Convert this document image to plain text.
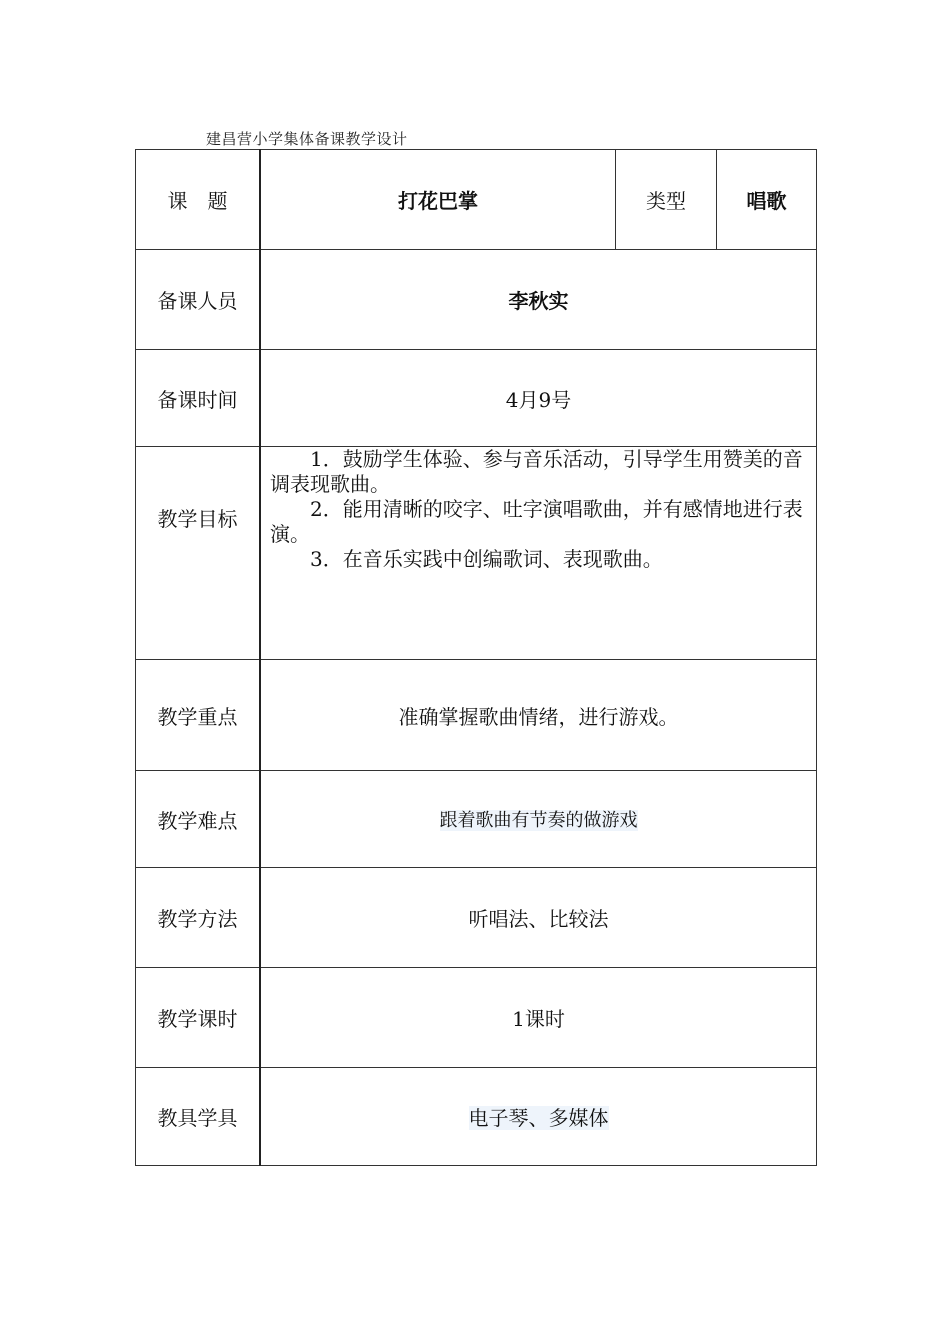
建昌营小学集体备课教学设计
课　题	打花巴掌	类型	唱歌
备课人员	李秋实		
备课时间	4月9号		
教学目标	1．鼓励学生体验、参与音乐活动，引导学生用赞美的音调表现歌曲。

2．能用清晰的咬字、吐字演唱歌曲，并有感情地进行表演。

3．在音乐实践中创编歌词、表现歌曲。		

教学重点	准确掌握歌曲情绪，进行游戏。		
教学难点	跟着歌曲有节奏的做游戏		
教学方法	听唱法、比较法		
教学课时	1课时		
教具学具	电子琴、多媒体		
